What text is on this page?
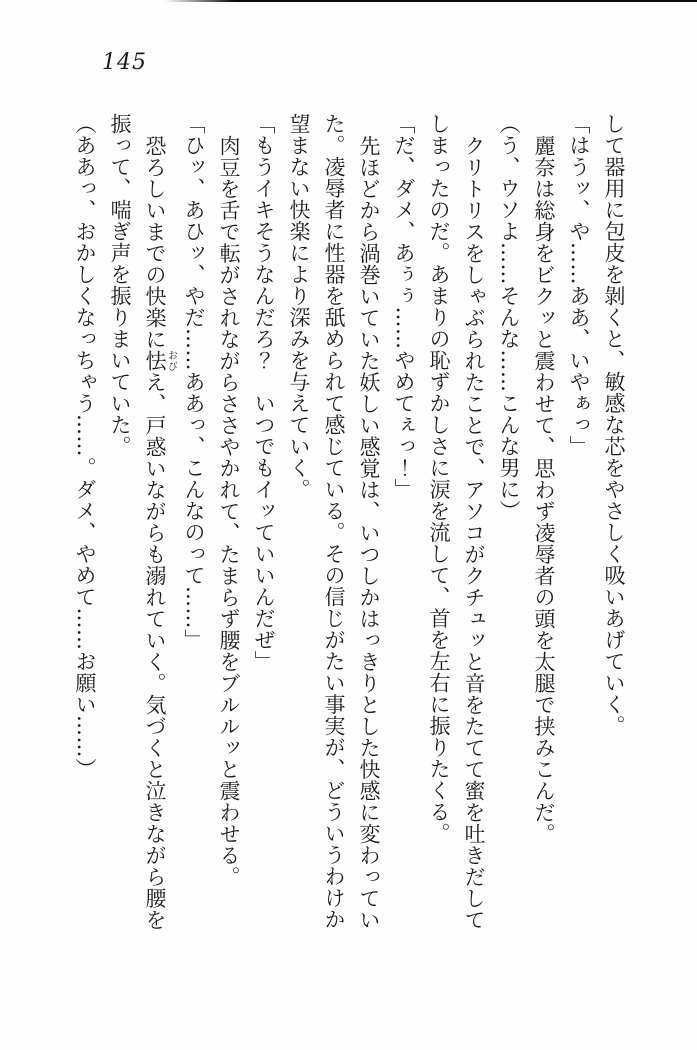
145

して器用に包皮を剝くと、敏感な芯をやさしく吸いあげていく。

「はうッ、や……ああ、いやぁっ」

麗奈は総身をビクッと震わせて、思わず凌辱者の頭を太腿で挟みこんだ。

（う、ウソよ……そんな……こんな男に）

クリトリスをしゃぶられたことで、アソコがクチュッと音をたてて蜜を吐きだしてしまったのだ。あまりの恥ずかしさに涙を流して、首を左右に振りたくる。

「だ、ダメ、あぅぅ……やめてぇっ！」

先ほどから渦巻いていた妖しい感覚は、いつしかはっきりとした快感に変わっていた。凌辱者に性器を舐められて感じている。その信じがたい事実が、どういうわけか望まない快楽により深みを与えていく。

「もうイキそうなんだろ？　いつでもイッていいんだぜ」

肉豆を舌で転がされながらささやかれて、たまらず腰をブルルッと震わせる。

「ひッ、あひッ、やだ……ああっ、こんなのって……」

恐ろしいまでの快楽に怯おびえ、戸惑いながらも溺れていく。気づくと泣きながら腰を振って、喘ぎ声を振りまいていた。

（ああっ、おかしくなっちゃう……。ダメ、やめて……お願い……）
